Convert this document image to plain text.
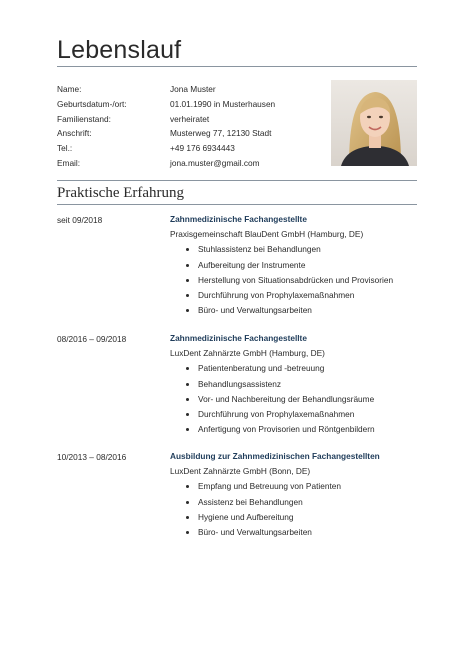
Lebenslauf
Name:	Jona Muster
Geburtsdatum-/ort:	01.01.1990 in Musterhausen
Familienstand:	verheiratet
Anschrift:	Musterweg 77, 12130 Stadt
Tel.:	+49 176 6934443
Email:	jona.muster@gmail.com
Praktische Erfahrung
seit 09/2018	Zahnmedizinische Fachangestellte
Praxisgemeinschaft BlauDent GmbH (Hamburg, DE)
Stuhlassistenz bei Behandlungen
Aufbereitung der Instrumente
Herstellung von Situationsabdrücken und Provisorien
Durchführung von Prophylaxemaßnahmen
Büro- und Verwaltungsarbeiten
08/2016 – 09/2018	Zahnmedizinische Fachangestellte
LuxDent Zahnärzte GmbH (Hamburg, DE)
Patientenberatung und -betreuung
Behandlungsassistenz
Vor- und Nachbereitung der Behandlungsräume
Durchführung von Prophylaxemaßnahmen
Anfertigung von Provisorien und Röntgenbildern
10/2013 – 08/2016	Ausbildung zur Zahnmedizinischen Fachangestellten
LuxDent Zahnärzte GmbH (Bonn, DE)
Empfang und Betreuung von Patienten
Assistenz bei Behandlungen
Hygiene und Aufbereitung
Büro- und Verwaltungsarbeiten
